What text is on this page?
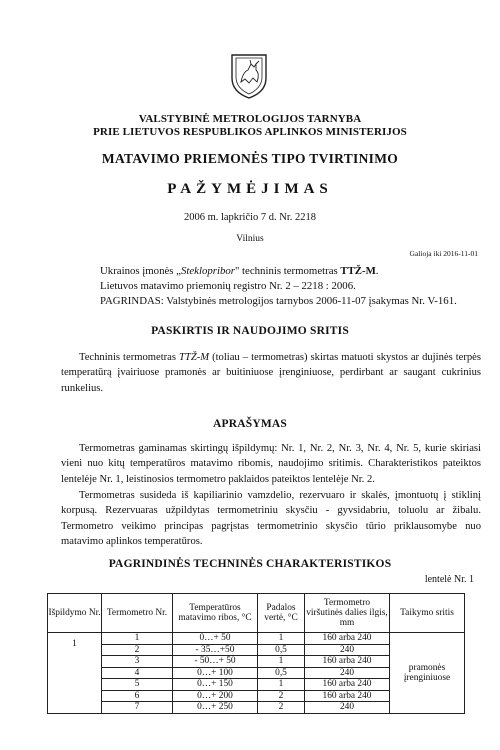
VALSTYBINĖ METROLOGIJOS TARNYBA
PRIE LIETUVOS RESPUBLIKOS APLINKOS MINISTERIJOS
MATAVIMO PRIEMONĖS TIPO TVIRTINIMO
PAŽYMĖJIMAS
2006 m. lapkričio 7 d. Nr. 2218
Vilnius
Galioja iki 2016-11-01
Ukrainos įmonės „Steklopribor" techninis termometras TTŽ-M.
Lietuvos matavimo priemonių registro Nr. 2 – 2218 : 2006.
PAGRINDAS: Valstybinės metrologijos tarnybos 2006-11-07 įsakymas Nr. V-161.
PASKIRTIS IR NAUDOJIMO SRITIS
Techninis termometras TTŽ-M (toliau – termometras) skirtas matuoti skystos ar dujinės terpės temperatūrą įvairiuose pramonės ar buitiniuose įrenginiuose, perdirbant ar saugant cukrinius runkelius.
APRAŠYMAS
Termometras gaminamas skirtingų išpildymų: Nr. 1, Nr. 2, Nr. 3, Nr. 4, Nr. 5, kurie skiriasi vieni nuo kitų temperatūros matavimo ribomis, naudojimo sritimis. Charakteristikos pateiktos lentelėje Nr. 1, leistinosios termometro paklaidos pateiktos lentelėje Nr. 2.
Termometras susideda iš kapiliarinio vamzdelio, rezervuaro ir skalės, įmontuotų į stiklinį korpusą. Rezervuaras užpildytas termometriniu skysčiu - gyvsidabriu, toluolu ar žibalu. Termometro veikimo principas pagrįstas termometrinio skysčio tūrio priklausomybe nuo matavimo aplinkos temperatūros.
PAGRINDINĖS TECHNINĖS CHARAKTERISTIKOS
lentelė Nr. 1
Išpildymo Nr.	Termometro Nr.	Temperatūros matavimo ribos, °C	Padalos vertė, °C	Termometro viršutinės dalies ilgis, mm	Taikymo sritis
1	1	0…+ 50	1	160 arba 240	pramonės įrenginiuose
	2	- 35…+50	0,5	240	
	3	- 50…+ 50	1	160 arba 240	
	4	0…+ 100	0,5	240	
	5	0…+ 150	1	160 arba 240	
	6	0…+ 200	2	160 arba 240	
	7	0…+ 250	2	240	
